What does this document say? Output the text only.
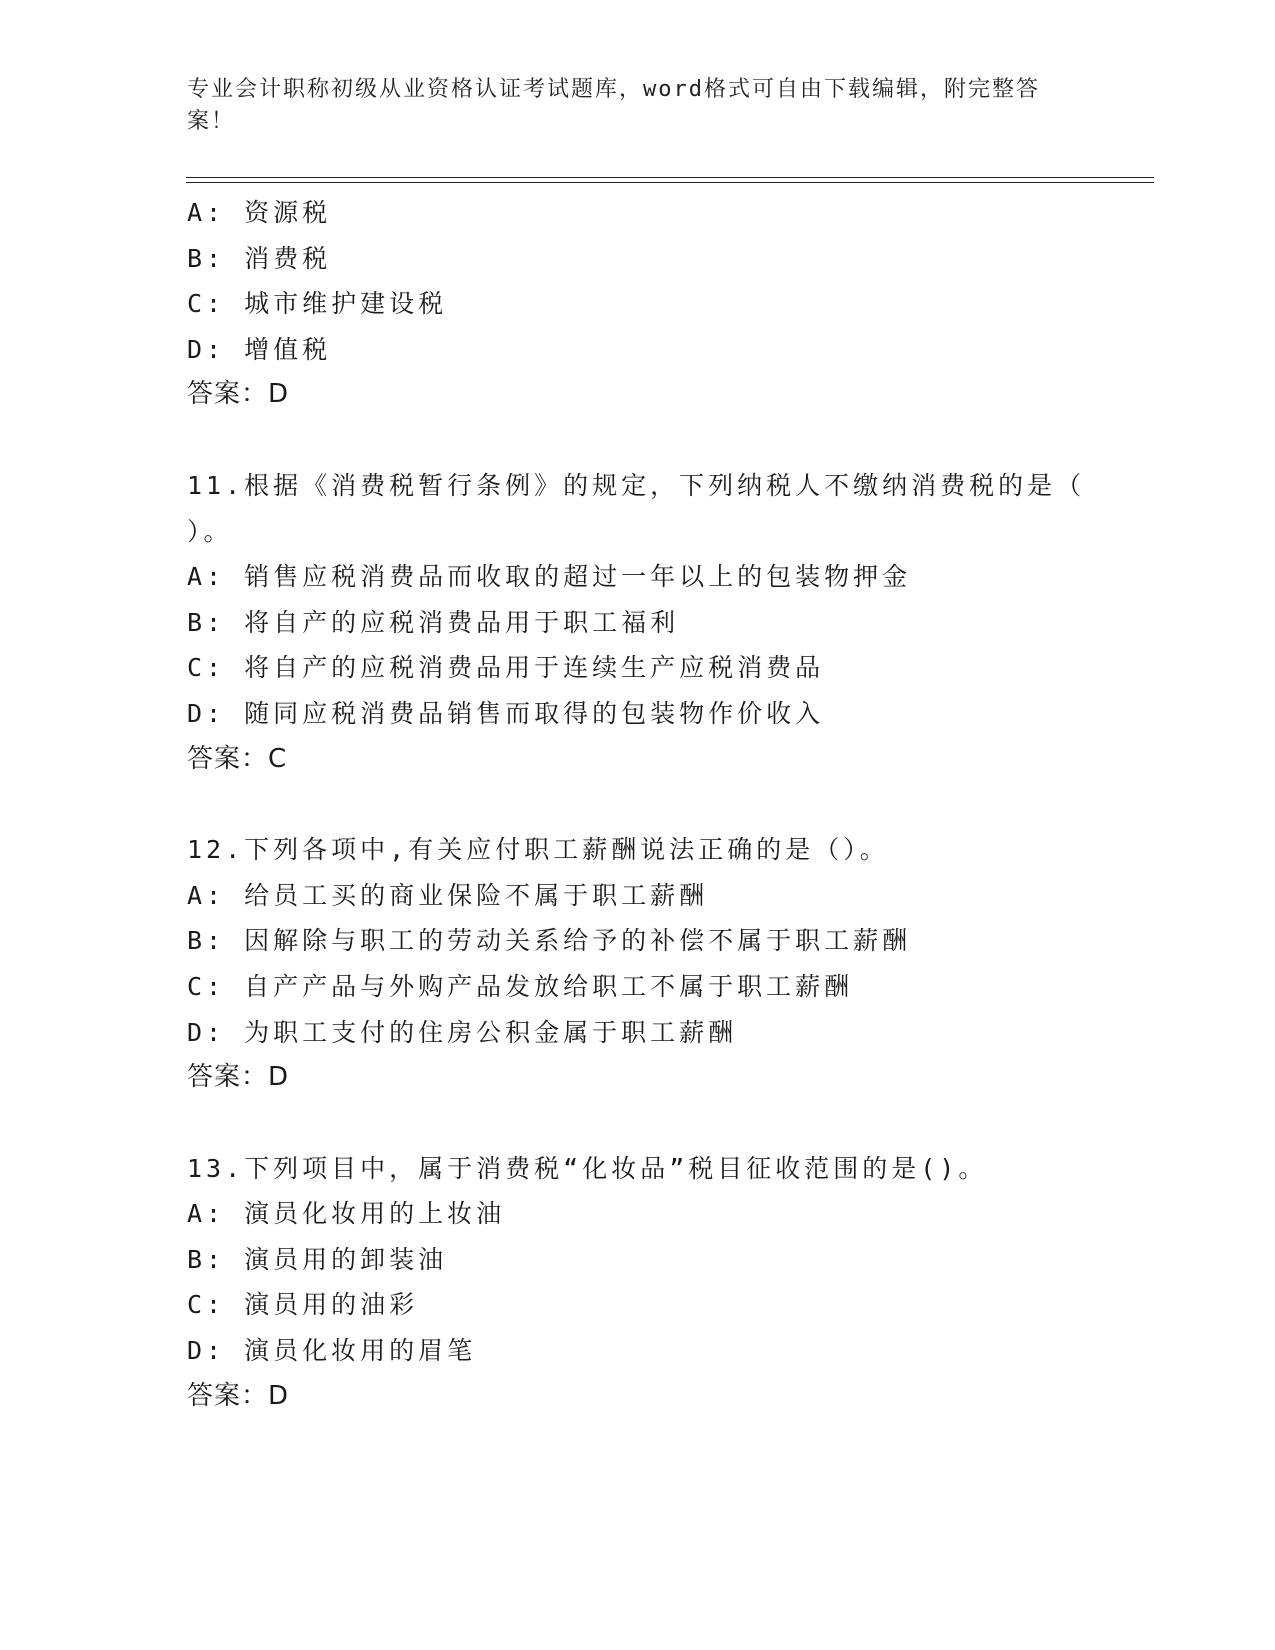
专业会计职称初级从业资格认证考试题库，word格式可自由下载编辑，附完整答案！

A: 资源税

B: 消费税

C: 城市维护建设税

D: 增值税

答案：D

11.根据《消费税暂行条例》的规定，下列纳税人不缴纳消费税的是（

）。

A: 销售应税消费品而收取的超过一年以上的包装物押金

B: 将自产的应税消费品用于职工福利

C: 将自产的应税消费品用于连续生产应税消费品

D: 随同应税消费品销售而取得的包装物作价收入

答案：C

12.下列各项中,有关应付职工薪酬说法正确的是（）。

A: 给员工买的商业保险不属于职工薪酬

B: 因解除与职工的劳动关系给予的补偿不属于职工薪酬

C: 自产产品与外购产品发放给职工不属于职工薪酬

D: 为职工支付的住房公积金属于职工薪酬

答案：D

13.下列项目中，属于消费税“化妆品”税目征收范围的是()。

A: 演员化妆用的上妆油

B: 演员用的卸装油

C: 演员用的油彩

D: 演员化妆用的眉笔

答案：D
